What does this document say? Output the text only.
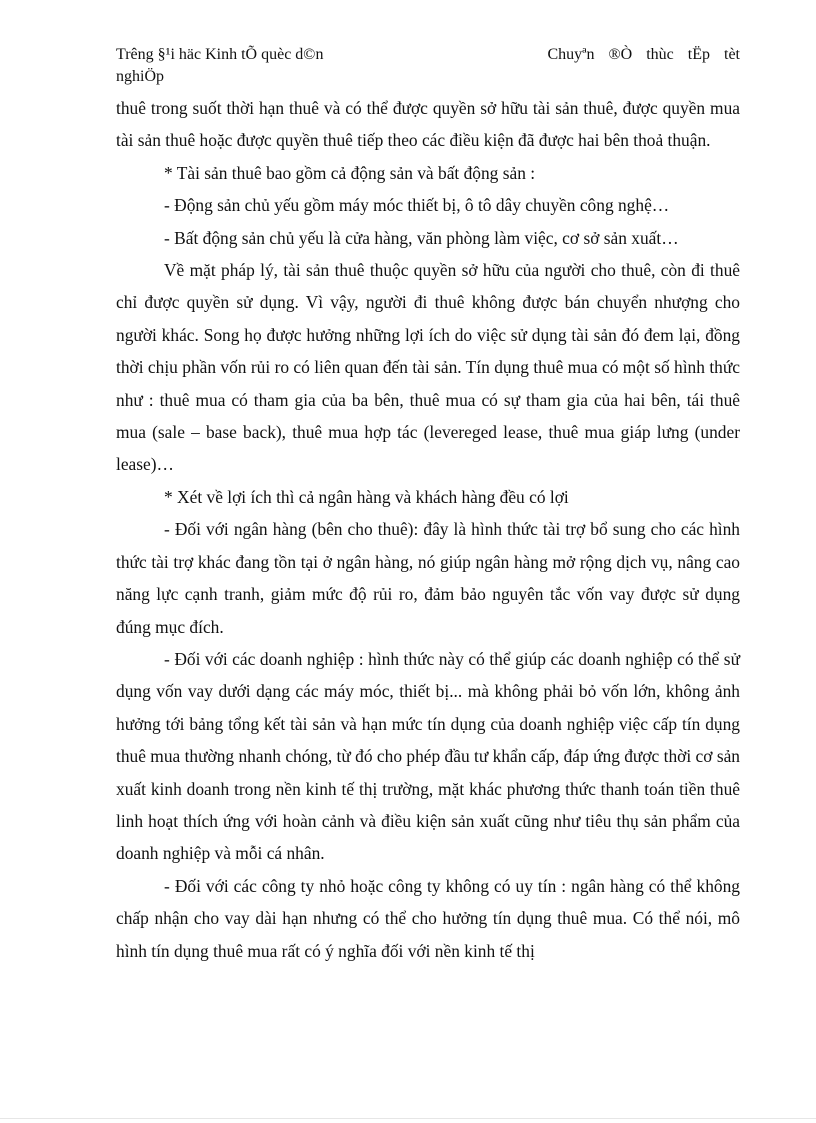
Trêng §¹i häc Kinh tÕ quèc d©n
nghiÖp
Chuyªn ®Ò thùc tËp tèt

thuê trong suốt thời hạn thuê và có thể được quyền sở hữu tài sản thuê, được quyền mua tài sản thuê hoặc được quyền thuê tiếp theo các điều kiện đã được hai bên thoả thuận.

* Tài sản thuê bao gồm cả động sản và bất động sản :

- Động sản chủ yếu gồm máy móc thiết bị, ô tô dây chuyền công nghệ…

- Bất động sản chủ yếu là cửa hàng, văn phòng làm việc, cơ sở sản xuất…

Về mặt pháp lý, tài sản thuê thuộc quyền sở hữu của người cho thuê, còn đi thuê chỉ được quyền sử dụng. Vì vậy, người đi thuê không được bán chuyển nhượng cho người khác. Song họ được hưởng những lợi ích do việc sử dụng tài sản đó đem lại, đồng thời chịu phần vốn rủi ro có liên quan đến tài sản. Tín dụng thuê mua có một số hình thức như : thuê mua có tham gia của ba bên, thuê mua có sự tham gia của hai bên, tái thuê mua (sale – base back), thuê mua hợp tác (levereged lease, thuê mua giáp lưng (under lease)…

* Xét về lợi ích thì cả ngân hàng và khách hàng đều có lợi

- Đối với ngân hàng (bên cho thuê): đây là hình thức tài trợ bổ sung cho các hình thức tài trợ khác đang tồn tại ở ngân hàng, nó giúp ngân hàng mở rộng dịch vụ, nâng cao năng lực cạnh tranh, giảm mức độ rủi ro, đảm bảo nguyên tắc vốn vay được sử dụng đúng mục đích.

- Đối với các doanh nghiệp : hình thức này có thể giúp các doanh nghiệp có thể sử dụng vốn vay dưới dạng các máy móc, thiết bị... mà không phải bỏ vốn lớn, không ảnh hưởng tới bảng tổng kết tài sản và hạn mức tín dụng của doanh nghiệp việc cấp tín dụng thuê mua thường nhanh chóng, từ đó cho phép đầu tư khẩn cấp, đáp ứng được thời cơ sản xuất kinh doanh trong nền kinh tế thị trường, mặt khác phương thức thanh toán tiền thuê linh hoạt thích ứng với hoàn cảnh và điều kiện sản xuất cũng như tiêu thụ sản phẩm của doanh nghiệp và mỗi cá nhân.

- Đối với các công ty nhỏ hoặc công ty không có uy tín : ngân hàng có thể không chấp nhận cho vay dài hạn nhưng có thể cho hưởng tín dụng thuê mua. Có thể nói, mô hình tín dụng thuê mua rất có ý nghĩa đối với nền kinh tế thị
